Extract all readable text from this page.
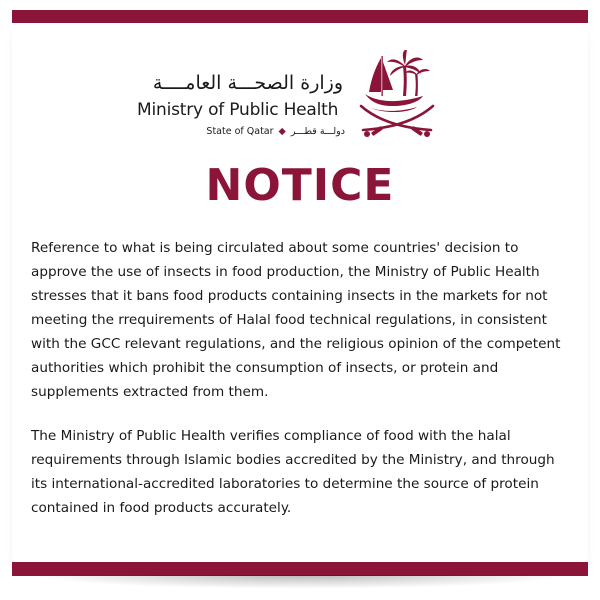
وزارة الصحـــة العامــــة
Ministry of Public Health
State of Qatar ◆ دولـــة قطـــر
NOTICE

Reference to what is being circulated about some countries' decision to approve the use of insects in food production, the Ministry of Public Health stresses that it bans food products containing insects in the markets for not meeting the rrequirements of Halal food technical regulations, in consistent with the GCC relevant regulations, and the religious opinion of the competent authorities which prohibit the consumption of insects, or protein and supplements extracted from them.

The Ministry of Public Health verifies compliance of food with the halal requirements through Islamic bodies accredited by the Ministry, and through its international-accredited laboratories to determine the source of protein contained in food products accurately.
